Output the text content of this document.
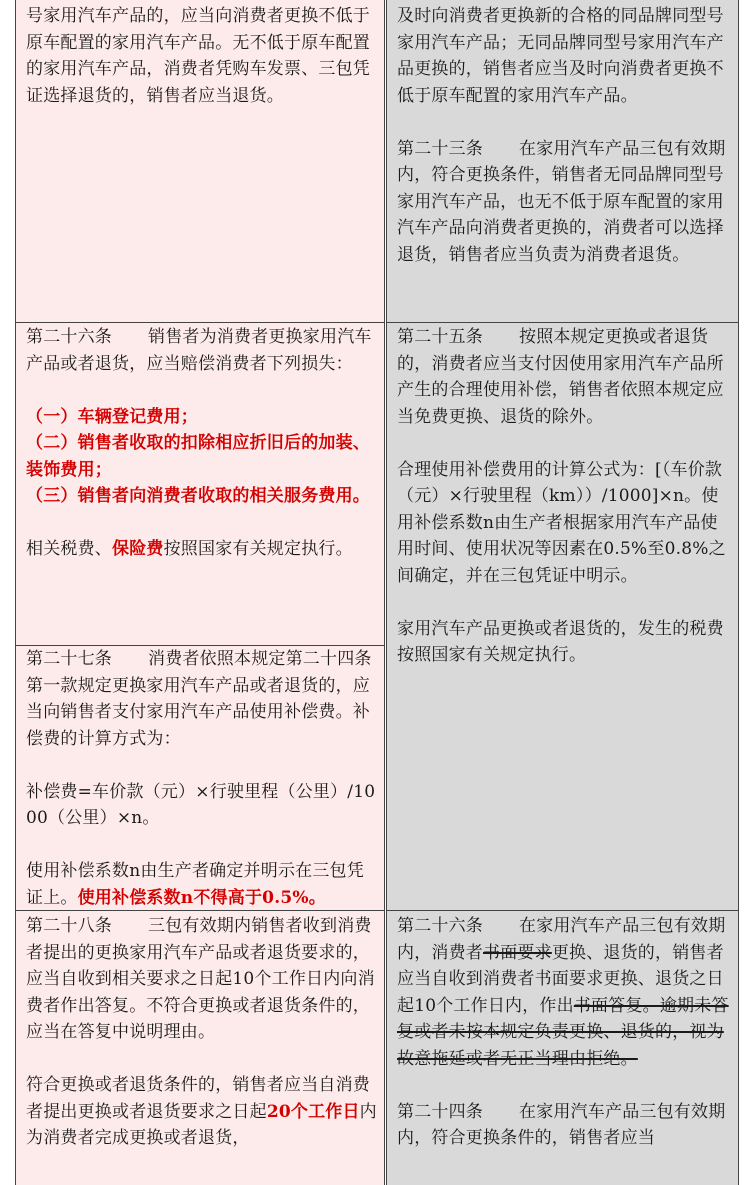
号家用汽车产品的，应当向消费者更换不低于原车配置的家用汽车产品。无不低于原车配置的家用汽车产品，消费者凭购车发票、三包凭证选择退货的，销售者应当退货。

第二十六条 销售者为消费者更换家用汽车产品或者退货，应当赔偿消费者下列损失：

（一）车辆登记费用；

（二）销售者收取的扣除相应折旧后的加装、装饰费用；

（三）销售者向消费者收取的相关服务费用。

相关税费、保险费按照国家有关规定执行。

第二十七条 消费者依照本规定第二十四条第一款规定更换家用汽车产品或者退货的，应当向销售者支付家用汽车产品使用补偿费。补偿费的计算方式为：

补偿费=车价款（元）×行驶里程（公里）/1000（公里）×n。

使用补偿系数n由生产者确定并明示在三包凭证上。使用补偿系数n不得高于0.5%。

第二十八条 三包有效期内销售者收到消费者提出的更换家用汽车产品或者退货要求的，应当自收到相关要求之日起10个工作日内向消费者作出答复。不符合更换或者退货条件的，应当在答复中说明理由。

符合更换或者退货条件的，销售者应当自消费者提出更换或者退货要求之日起20个工作日内为消费者完成更换或者退货，

及时向消费者更换新的合格的同品牌同型号家用汽车产品；无同品牌同型号家用汽车产品更换的，销售者应当及时向消费者更换不低于原车配置的家用汽车产品。

第二十三条 在家用汽车产品三包有效期内，符合更换条件，销售者无同品牌同型号家用汽车产品，也无不低于原车配置的家用汽车产品向消费者更换的，消费者可以选择退货，销售者应当负责为消费者退货。

第二十五条 按照本规定更换或者退货的，消费者应当支付因使用家用汽车产品所产生的合理使用补偿，销售者依照本规定应当免费更换、退货的除外。

合理使用补偿费用的计算公式为：[（车价款（元）×行驶里程（km））/1000]×n。使用补偿系数n由生产者根据家用汽车产品使用时间、使用状况等因素在0.5%至0.8%之间确定，并在三包凭证中明示。

家用汽车产品更换或者退货的，发生的税费按照国家有关规定执行。

第二十六条 在家用汽车产品三包有效期内，消费者书面要求更换、退货的，销售者应当自收到消费者书面要求更换、退货之日起10个工作日内，作出书面答复。逾期未答复或者未按本规定负责更换、退货的，视为故意拖延或者无正当理由拒绝。

第二十四条 在家用汽车产品三包有效期内，符合更换条件的，销售者应当
